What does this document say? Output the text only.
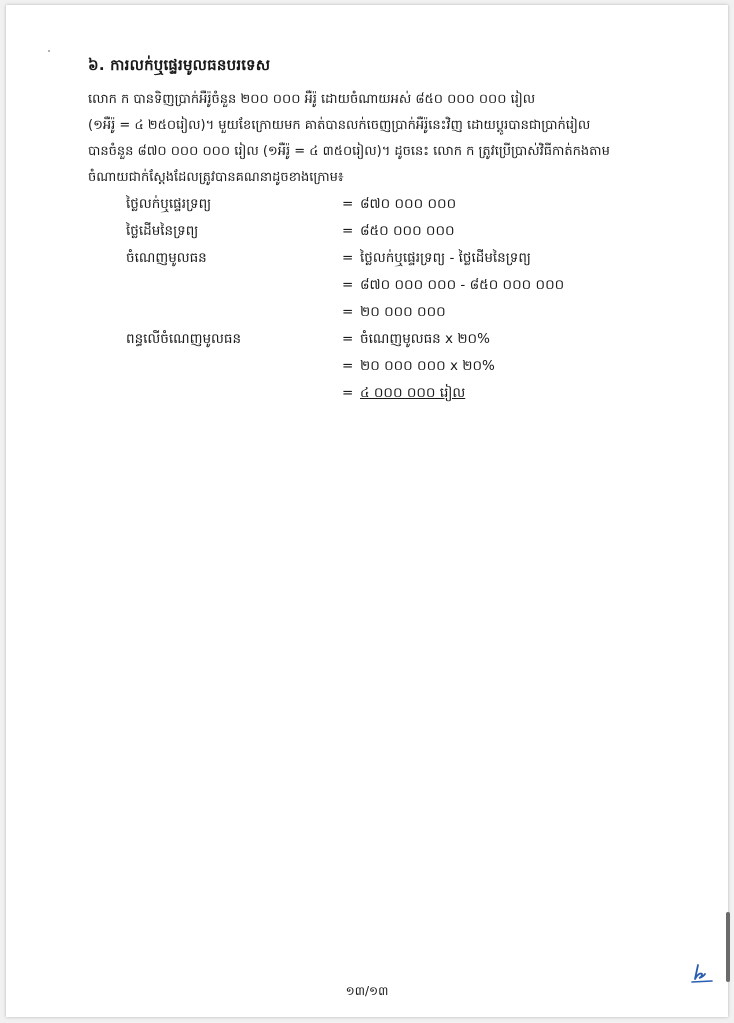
៦. ការលក់ឬផ្ទេរមូលធនបរទេស
លោក ក បានទិញប្រាក់អឺរ៉ូចំនួន ២០០ ០០០ អឺរ៉ូ ដោយចំណាយអស់ ៨៥០ ០០០ ០០០ រៀល
(១អឺរ៉ូ = ៤ ២៥០រៀល)។ មួយខែក្រោយមក គាត់បានលក់ចេញប្រាក់អឺរ៉ូនេះវិញ ដោយប្តូរបានជាប្រាក់រៀល
បានចំនួន ៨៧០ ០០០ ០០០ រៀល (១អឺរ៉ូ = ៤ ៣៥០រៀល)។ ដូចនេះ លោក ក ត្រូវប្រើប្រាស់វិធីកាត់កងតាម
ចំណាយជាក់ស្តែងដែលត្រូវបានគណនាដូចខាងក្រោម៖
ថ្លៃលក់ឬផ្ទេរទ្រព្យ	= ៨៧០ ០០០ ០០០
ថ្លៃដើមនៃទ្រព្យ	= ៨៥០ ០០០ ០០០
ចំណេញមូលធន	= ថ្លៃលក់ឬផ្ទេរទ្រព្យ - ថ្លៃដើមនៃទ្រព្យ
= ៨៧០ ០០០ ០០០ - ៨៥០ ០០០ ០០០
= ២០ ០០០ ០០០
ពន្ធលើចំណេញមូលធន	= ចំណេញមូលធន x ២០%
= ២០ ០០០ ០០០ x ២០%
= ៤ ០០០ ០០០ រៀល
១៣/១៣
